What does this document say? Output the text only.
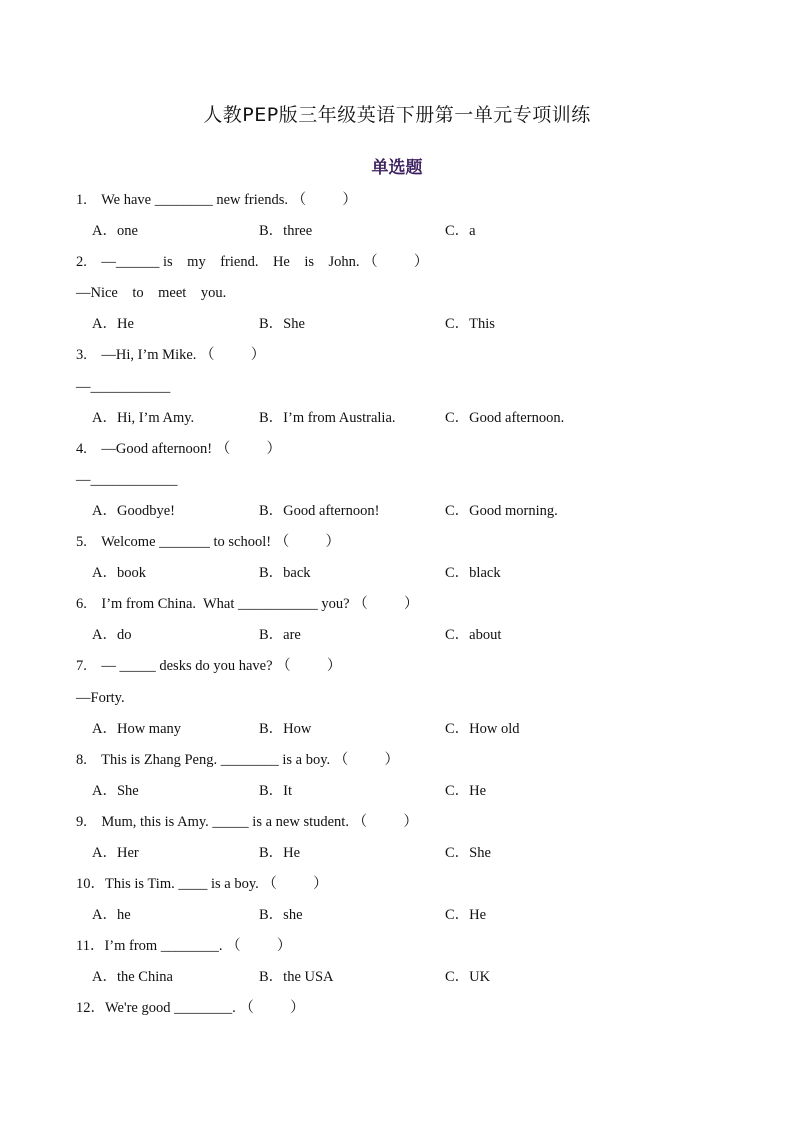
人教PEP版三年级英语下册第一单元专项训练
单选题
1.    We have ________ new friends. （          ）
A．one	B．three	C．a
2.    —______ is    my    friend.    He    is    John. （          ）
—Nice    to    meet    you.
A．He	B．She	C．This
3.    —Hi, I’m Mike. （          ）
—___________
A．Hi, I’m Amy.	B．I’m from Australia.	C．Good afternoon.
4.    —Good afternoon! （          ）
—____________
A．Goodbye!	B．Good afternoon!	C．Good morning.
5.    Welcome _______ to school! （          ）
A．book	B．back	C．black
6.    I’m from China.  What ___________ you? （          ）
A．do	B．are	C．about
7.    — _____ desks do you have? （          ）
—Forty.
A．How many	B．How	C．How old
8.    This is Zhang Peng. ________ is a boy. （          ）
A．She	B．It	C．He
9.    Mum, this is Amy. _____ is a new student. （          ）
A．Her	B．He	C．She
10．This is Tim. ____ is a boy. （          ）
A．he	B．she	C．He
11．I’m from ________. （          ）
A．the China	B．the USA	C．UK
12．We're good ________. （          ）
